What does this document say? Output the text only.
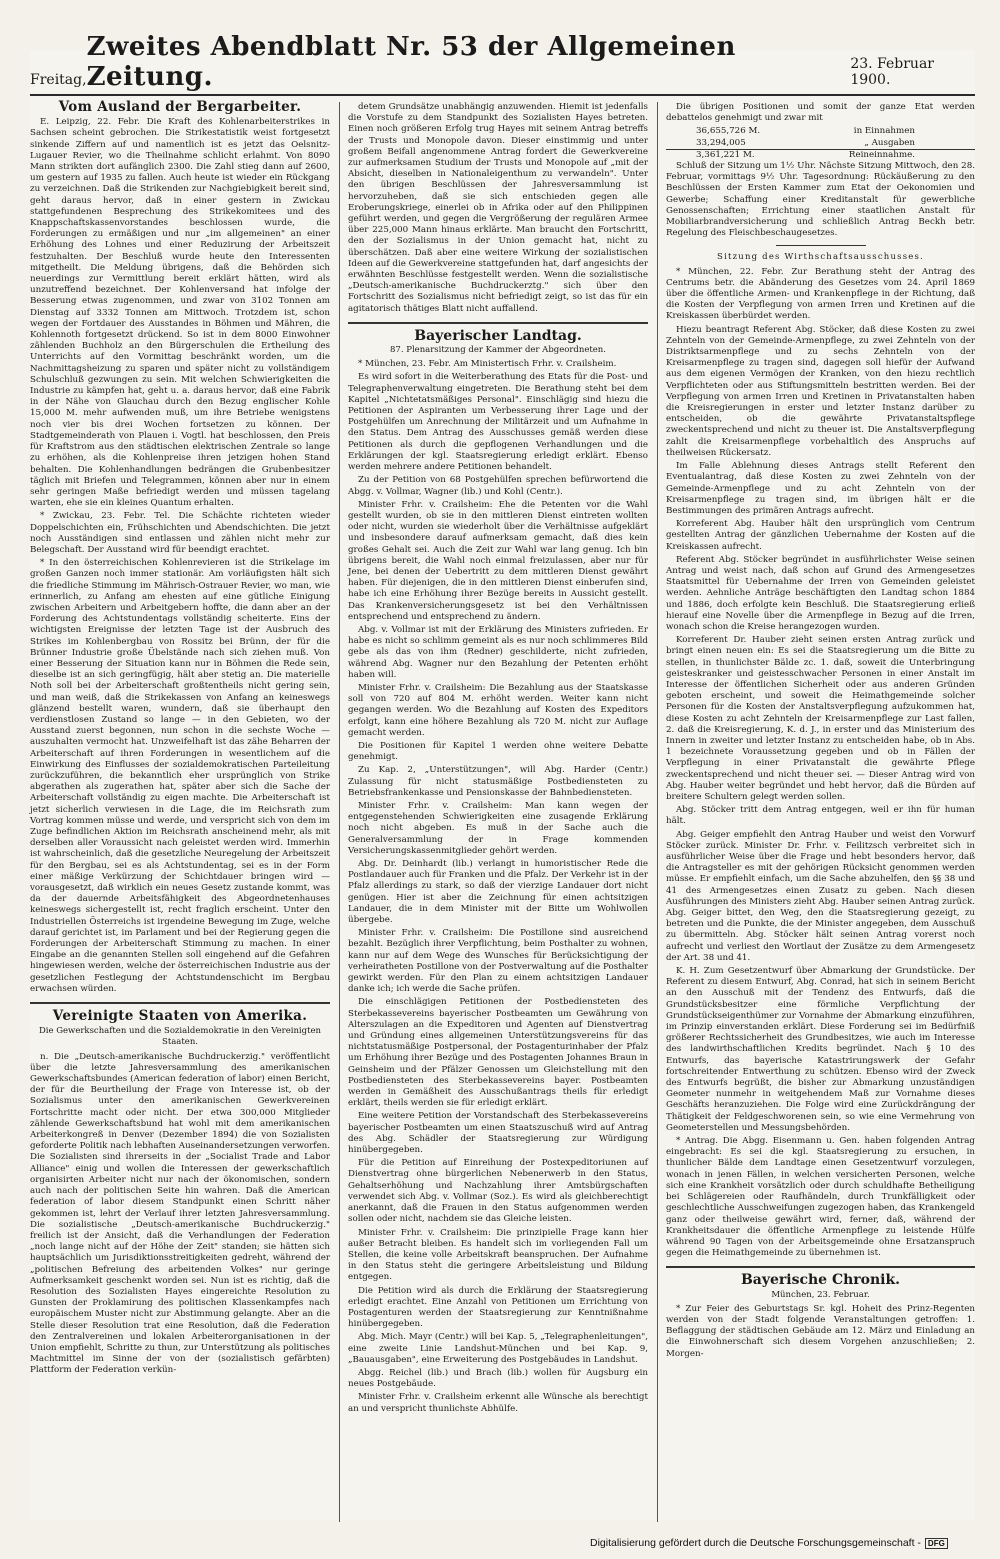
Freitag,
Zweites Abendblatt Nr. 53 der Allgemeinen Zeitung.	23. Februar 1900.
Vom Ausland der Bergarbeiter.

E. Leipzig, 22. Febr. Die Kraft des Kohlenarbeiterstrikes in Sachsen scheint gebrochen. Die Strikestatistik weist fortgesetzt sinkende Ziffern auf und namentlich ist es jetzt das Oelsnitz-Lugauer Revier, wo die Theilnahme schlicht erlahmt. Von 8090 Mann strikten dort aufänglich 2300. Die Zahl stieg dann auf 2600, um gestern auf 1935 zu fallen. Auch heute ist wieder ein Rückgang zu verzeichnen. Daß die Strikenden zur Nachgiebigkeit bereit sind, geht daraus hervor, daß in einer gestern in Zwickau stattgefundenen Besprechung des Strikekomitees und des Knappschaftskassenvorstandes beschlossen wurde, die Forderungen zu ermäßigen und nur „im allgemeinen" an einer Erhöhung des Lohnes und einer Reduzirung der Arbeitszeit festzuhalten. Der Beschluß wurde heute den Interessenten mitgetheilt. Die Meldung übrigens, daß die Behörden sich neuerdings zur Vermittlung bereit erklärt hätten, wird als unzutreffend bezeichnet. Der Kohlenversand hat infolge der Besserung etwas zugenommen, und zwar von 3102 Tonnen am Dienstag auf 3332 Tonnen am Mittwoch. Trotzdem ist, schon wegen der Fortdauer des Ausstandes in Böhmen und Mähren, die Kohlennoth fortgesetzt drückend. So ist in dem 8000 Einwohner zählenden Buchholz an den Bürgerschulen die Ertheilung des Unterrichts auf den Vormittag beschränkt worden, um die Nachmittagsheizung zu sparen und später nicht zu vollständigem Schulschluß gezwungen zu sein. Mit welchen Schwierigkeiten die Industrie zu kämpfen hat, geht u. a. daraus hervor, daß eine Fabrik in der Nähe von Glauchau durch den Bezug englischer Kohle 15,000 M. mehr aufwenden muß, um ihre Betriebe wenigstens noch vier bis drei Wochen fortsetzen zu können. Der Stadtgemeinderath von Plauen i. Vogtl. hat beschlossen, den Preis für Kraftstrom aus den städtischen elektrischen Zentrale so lange zu erhöhen, als die Kohlenpreise ihren jetzigen hohen Stand behalten. Die Kohlenhandlungen bedrängen die Grubenbesitzer täglich mit Briefen und Telegrammen, können aber nur in einem sehr geringen Maße befriedigt werden und müssen tagelang warten, ehe sie ein kleines Quantum erhalten.

* Zwickau, 23. Febr. Tel. Die Schächte richteten wieder Doppelschichten ein, Frühschichten und Abendschichten. Die jetzt noch Ausständigen sind entlassen und zählen nicht mehr zur Belegschaft. Der Ausstand wird für beendigt erachtet.

* In den österreichischen Kohlenrevieren ist die Strikelage im großen Ganzen noch immer stationär. Am vorläufigsten hält sich die friedliche Stimmung im Mährisch-Ostrauer Revier, wo man, wie erinnerlich, zu Anfang am ehesten auf eine gütliche Einigung zwischen Arbeitern und Arbeitgebern hoffte, die dann aber an der Forderung des Achtstundentags vollständig scheiterte. Eins der wichtigsten Ereignisse der letzten Tage ist der Ausbruch des Strikes im Kohlenbergbau von Rossitz bei Brünn, der für die Brünner Industrie große Übelstände nach sich ziehen muß. Von einer Besserung der Situation kann nur in Böhmen die Rede sein, dieselbe ist an sich geringfügig, hält aber stetig an. Die materielle Noth soll bei der Arbeiterschaft großtentheils nicht gering sein, und man weiß, daß die Strikekassen von Anfang an keineswegs glänzend bestellt waren, wundern, daß sie überhaupt den verdienstlosen Zustand so lange — in den Gebieten, wo der Ausstand zuerst begonnen, nun schon in die sechste Woche — auszuhalten vermocht hat. Unzweifelhaft ist das zähe Beharren der Arbeiterschaft auf ihren Forderungen in wesentlichem auf die Einwirkung des Einflusses der sozialdemokratischen Parteileitung zurückzuführen, die bekanntlich eher ursprünglich von Strike abgerathen als zugerathen hat, später aber sich die Sache der Arbeiterschaft vollständig zu eigen machte. Die Arbeiterschaft ist jetzt sicherlich verwiesen in die Lage, die im Reichsrath zum Vortrag kommen müsse und werde, und verspricht sich von dem im Zuge befindlichen Aktion im Reichsrath anscheinend mehr, als mit derselben aller Voraussicht nach geleistet werden wird. Immerhin ist wahrscheinlich, daß die gesetzliche Neuregelung der Arbeitszeit für den Bergbau, sei es als Achtstundentag, sei es in der Form einer mäßige Verkürzung der Schichtdauer bringen wird — vorausgesetzt, daß wirklich ein neues Gesetz zustande kommt, was da der dauernde Arbeitsfähigkeit des Abgeordnetenhauses keineswegs sichergestellt ist, recht fraglich erscheint. Unter den Industriellen Österreichs ist irgendeine Bewegung im Zuge, welche darauf gerichtet ist, im Parlament und bei der Regierung gegen die Forderungen der Arbeiterschaft Stimmung zu machen. In einer Eingabe an die genannten Stellen soll eingehend auf die Gefahren hingewiesen werden, welche der österreichischen Industrie aus der gesetzlichen Festlegung der Achtstundenschicht im Bergbau erwachsen würden.

Vereinigte Staaten von Amerika.
Die Gewerkschaften und die Sozialdemokratie in den Vereinigten Staaten.

n. Die „Deutsch-amerikanische Buchdruckerzig." veröffentlicht über die letzte Jahresversammlung des amerikanischen Gewerkschaftsbundes (American federation of labor) einen Bericht, der für die Beurtheilung der Frage von Interesse ist, ob der Sozialismus unter den amerikanischen Gewerkvereinen Fortschritte macht oder nicht. Der etwa 300,000 Mitglieder zählende Gewerkschaftsbund hat wohl mit dem amerikanischen Arbeiterkongreß in Denver (Dezember 1894) die von Sozialisten geforderte Politik nach lebhaften Auseinandersetzungen verworfen. Die Sozialisten sind ihrerseits in der „Socialist Trade and Labor Alliance" einig und wollen die Interessen der gewerkschaftlich organisirten Arbeiter nicht nur nach der ökonomischen, sondern auch nach der politischen Seite hin wahren. Daß die American federation of labor diesem Standpunkt einen Schritt näher gekommen ist, lehrt der Verlauf ihrer letzten Jahresversammlung. Die sozialistische „Deutsch-amerikanische Buchdruckerzig." freilich ist der Ansicht, daß die Verhandlungen der Federation „noch lange nicht auf der Höhe der Zeit" standen; sie hätten sich hauptsächlich um Jurisdiktionsstreitigkeiten gedreht, während der „politischen Befreiung des arbeitenden Volkes" nur geringe Aufmerksamkeit geschenkt worden sei. Nun ist es richtig, daß die Resolution des Sozialisten Hayes eingereichte Resolution zu Gunsten der Proklamirung des politischen Klassenkampfes nach europäischem Muster nicht zur Abstimmung gelangte. Aber an die Stelle dieser Resolution trat eine Resolution, daß die Federation den Zentralvereinen und lokalen Arbeiterorganisationen in der Union empfiehlt, Schritte zu thun, zur Unterstützung als politisches Machtmittel im Sinne der von der (sozialistisch gefärbten) Plattform der Federation verkün-

detem Grundsätze unabhängig anzuwenden. Hiemit ist jedenfalls die Vorstufe zu dem Standpunkt des Sozialisten Hayes betreten. Einen noch größeren Erfolg trug Hayes mit seinem Antrag betreffs der Trusts und Monopole davon. Dieser einstimmig und unter großem Beifall angenommene Antrag fordert die Gewerkvereine zur aufmerksamen Studium der Trusts und Monopole auf „mit der Absicht, dieselben in Nationaleigenthum zu verwandeln". Unter den übrigen Beschlüssen der Jahresversammlung ist hervorzuheben, daß sie sich entschieden gegen alle Eroberungskriege, einerlei ob in Afrika oder auf den Philippinen geführt werden, und gegen die Vergrößerung der regulären Armee über 225,000 Mann hinaus erklärte. Man braucht den Fortschritt, den der Sozialismus in der Union gemacht hat, nicht zu überschätzen. Daß aber eine weitere Wirkung der sozialistischen Ideen auf die Gewerkvereine stattgefunden hat, darf angesichts der erwähnten Beschlüsse festgestellt werden. Wenn die sozialistische „Deutsch-amerikanische Buchdruckerztg." sich über den Fortschritt des Sozialismus nicht befriedigt zeigt, so ist das für ein agitatorisch thätiges Blatt nicht auffallend.

Bayerischer Landtag.
87. Plenarsitzung der Kammer der Abgeordneten.

* München, 23. Febr. Am Ministertisch Frhr. v. Crailsheim.

Es wird sofort in die Weiterberathung des Etats für die Post- und Telegraphenverwaltung eingetreten. Die Berathung steht bei dem Kapitel „Nichtetatsmäßiges Personal". Einschlägig sind hiezu die Petitionen der Aspiranten um Verbesserung ihrer Lage und der Postgehülfen um Anrechnung der Militärzeit und um Aufnahme in den Status. Dem Antrag des Ausschusses gemäß werden diese Petitionen als durch die gepflogenen Verhandlungen und die Erklärungen der kgl. Staatsregierung erledigt erklärt. Ebenso werden mehrere andere Petitionen behandelt.

Zu der Petition von 68 Postgehülfen sprechen befürwortend die Abgg. v. Vollmar, Wagner (lib.) und Kohl (Centr.).

Minister Frhr. v. Crailsheim: Ehe die Petenten vor die Wahl gestellt wurden, ob sie in den mittleren Dienst eintreten wollten oder nicht, wurden sie wiederholt über die Verhältnisse aufgeklärt und insbesondere darauf aufmerksam gemacht, daß dies kein großes Gehalt sei. Auch die Zeit zur Wahl war lang genug. Ich bin übrigens bereit, die Wahl noch einmal freizulassen, aber nur für Jene, bei denen der Uebertritt zu dem mittleren Dienst gewährt haben. Für diejenigen, die in den mittleren Dienst einberufen sind, habe ich eine Erhöhung ihrer Bezüge bereits in Aussicht gestellt. Das Krankenversicherungsgesetz ist bei den Verhältnissen entsprechend und entsprechend zu ändern.

Abg. v. Vollmar ist mit der Erklärung des Ministers zufrieden. Er habe es nicht so schlimm gemeint als es nur noch schlimmeres Bild gebe als das von ihm (Redner) geschilderte, nicht zufrieden, während Abg. Wagner nur den Bezahlung der Petenten erhöht haben will.

Minister Frhr. v. Crailsheim: Die Bezahlung aus der Staatskasse soll von 720 auf 804 M. erhöht werden. Weiter kann nicht gegangen werden. Wo die Bezahlung auf Kosten des Expeditors erfolgt, kann eine höhere Bezahlung als 720 M. nicht zur Auflage gemacht werden.

Die Positionen für Kapitel 1 werden ohne weitere Debatte genehmigt.

Zu Kap. 2, „Unterstützungen", will Abg. Harder (Centr.) Zulassung für nicht statusmäßige Postbediensteten zu Betriebsfrankenkasse und Pensionskasse der Bahnbediensteten.

Minister Frhr. v. Crailsheim: Man kann wegen der entgegenstehenden Schwierigkeiten eine zusagende Erklärung noch nicht abgeben. Es muß in der Sache auch die Generalversammlung der in Frage kommenden Versicherungskassenmitglieder gehört werden.

Abg. Dr. Deinhardt (lib.) verlangt in humoristischer Rede die Postlandauer auch für Franken und die Pfalz. Der Verkehr ist in der Pfalz allerdings zu stark, so daß der vierzige Landauer dort nicht genügen. Hier ist aber die Zeichnung für einen achtsitzigen Landauer, die in dem Minister mit der Bitte um Wohlwollen übergebe.

Minister Frhr. v. Crailsheim: Die Postillone sind ausreichend bezahlt. Bezüglich ihrer Verpflichtung, beim Posthalter zu wohnen, kann nur auf dem Wege des Wunsches für Berücksichtigung der verheiratheten Postillone von der Postverwaltung auf die Posthalter gewirkt werden. Für den Plan zu einem achtsitzigen Landauer danke ich; ich werde die Sache prüfen.

Die einschlägigen Petitionen der Postbediensteten des Sterbekassevereins bayerischer Postbeamten um Gewährung von Alterszulagen an die Expeditoren und Agenten auf Dienstvertrag und Gründung eines allgemeinen Unterstützungsvereins für das nichtstatusmäßige Postpersonal, der Postagenturinhaber der Pfalz um Erhöhung ihrer Bezüge und des Postagenten Johannes Braun in Geinsheim und der Pfälzer Genossen um Gleichstellung mit den Postbediensteten des Sterbekassevereins bayer. Postbeamten werden in Gemäßheit des Ausschußantrags theils für erledigt erklärt, theils werden sie für erledigt erklärt.

Eine weitere Petition der Vorstandschaft des Sterbekassevereins bayerischer Postbeamten um einen Staatszuschuß wird auf Antrag des Abg. Schädler der Staatsregierung zur Würdigung hinübergegeben.

Für die Petition auf Einreihung der Postexpeditoriunen auf Dienstvertrag ohne bürgerlichen Nebenerwerb in den Status, Gehaltserhöhung und Nachzahlung ihrer Amtsbürgschaften verwendet sich Abg. v. Vollmar (Soz.). Es wird als gleichberechtigt anerkannt, daß die Frauen in den Status aufgenommen werden sollen oder nicht, nachdem sie das Gleiche leisten.

Minister Frhr. v. Crailsheim: Die prinzipielle Frage kann hier außer Betracht bleiben. Es handelt sich im vorliegenden Fall um Stellen, die keine volle Arbeitskraft beanspruchen. Der Aufnahme in den Status steht die geringere Arbeitsleistung und Bildung entgegen.

Die Petition wird als durch die Erklärung der Staatsregierung erledigt erachtet. Eine Anzahl von Petitionen um Errichtung von Postagenturen werden der Staatsregierung zur Kenntnißnahme hinübergegeben.

Abg. Mich. Mayr (Centr.) will bei Kap. 5, „Telegraphenleitungen", eine zweite Linie Landshut-München und bei Kap. 9, „Bauausgaben", eine Erweiterung des Postgebäudes in Landshut.

Abgg. Reichel (lib.) und Brach (lib.) wollen für Augsburg ein neues Postgebäude.

Minister Frhr. v. Crailsheim erkennt alle Wünsche als berechtigt an und verspricht thunlichste Abhülfe.

Die übrigen Positionen und somit der ganze Etat werden debattelos genehmigt und zwar mit

36,655,726 M.	in Einnahmen
33,294,005	„ Ausgaben
3,361,221 M.	Reineinnahme.

Schluß der Sitzung um 1½ Uhr. Nächste Sitzung Mittwoch, den 28. Februar, vormittags 9½ Uhr. Tagesordnung: Rückäußerung zu den Beschlüssen der Ersten Kammer zum Etat der Oekonomien und Gewerbe; Schaffung einer Kreditanstalt für gewerbliche Genossenschaften; Errichtung einer staatlichen Anstalt für Mobiliarbrandversicherung und schließlich Antrag Beckh betr. Regelung des Fleischbeschaugesetzes.

Sitzung des Wirthschaftsausschusses.

* München, 22. Febr. Zur Berathung steht der Antrag des Centrums betr. die Abänderung des Gesetzes vom 24. April 1869 über die öffentliche Armen- und Krankenpflege in der Richtung, daß die Kosten der Verpflegung von armen Irren und Kretinen auf die Kreiskassen überbürdet werden.

Hiezu beantragt Referent Abg. Stöcker, daß diese Kosten zu zwei Zehnteln von der Gemeinde-Armenpflege, zu zwei Zehnteln von der Distriktsarmenpflege und zu sechs Zehnteln von der Kreisarmenpflege zu tragen sind, dagegen soll hiefür der Aufwand aus dem eigenen Vermögen der Kranken, von den hiezu rechtlich Verpflichteten oder aus Stiftungsmitteln bestritten werden. Bei der Verpflegung von armen Irren und Kretinen in Privatanstalten haben die Kreisregierungen in erster und letzter Instanz darüber zu entscheiden, ob die gewährte Privatanstaltspflege zweckentsprechend und nicht zu theuer ist. Die Anstaltsverpflegung zahlt die Kreisarmenpflege vorbehaltlich des Anspruchs auf theilweisen Rückersatz.

Im Falle Ablehnung dieses Antrags stellt Referent den Eventualantrag, daß diese Kosten zu zwei Zehnteln von der Gemeinde-Armenpflege und zu acht Zehnteln von der Kreisarmenpflege zu tragen sind, im übrigen hält er die Bestimmungen des primären Antrags aufrecht.

Korreferent Abg. Hauber hält den ursprünglich vom Centrum gestellten Antrag der gänzlichen Uebernahme der Kosten auf die Kreiskassen aufrecht.

Referent Abg. Stöcker begründet in ausführlichster Weise seinen Antrag und weist nach, daß schon auf Grund des Armengesetzes Staatsmittel für Uebernahme der Irren von Gemeinden geleistet werden. Aehnliche Anträge beschäftigten den Landtag schon 1884 und 1886, doch erfolgte kein Beschluß. Die Staatsregierung erließ hierauf eine Novelle über die Armenpflege in Bezug auf die Irren, wonach schon die Kreise herangezogen wurden.

Korreferent Dr. Hauber zieht seinen ersten Antrag zurück und bringt einen neuen ein: Es sei die Staatsregierung um die Bitte zu stellen, in thunlichster Bälde zc. 1. daß, soweit die Unterbringung geisteskranker und geistesschwacher Personen in einer Anstalt im Interesse der öffentlichen Sicherheit oder aus anderen Gründen geboten erscheint, und soweit die Heimathgemeinde solcher Personen für die Kosten der Anstaltsverpflegung aufzukommen hat, diese Kosten zu acht Zehnteln der Kreisarmenpflege zur Last fallen, 2. daß die Kreisregierung, K. d. J., in erster und das Ministerium des Innern in zweiter und letzter Instanz zu entscheiden habe, ob in Abs. 1 bezeichnete Voraussetzung gegeben und ob in Fällen der Verpflegung in einer Privatanstalt die gewährte Pflege zweckentsprechend und nicht theuer sei. — Dieser Antrag wird von Abg. Hauber weiter begründet und hebt hervor, daß die Bürden auf breitere Schultern gelegt werden sollen.

Abg. Stöcker tritt dem Antrag entgegen, weil er ihn für human hält.

Abg. Geiger empfiehlt den Antrag Hauber und weist den Vorwurf Stöcker zurück. Minister Dr. Frhr. v. Feilitzsch verbreitet sich in ausführlicher Weise über die Frage und hebt besonders hervor, daß die Antragsteller es mit der gehörigen Rücksicht genommen werden müsse. Er empfiehlt einfach, um die Sache abzuhelfen, den §§ 38 und 41 des Armengesetzes einen Zusatz zu geben. Nach diesen Ausführungen des Ministers zieht Abg. Hauber seinen Antrag zurück. Abg. Geiger bittet, den Weg, den die Staatsregierung gezeigt, zu betreten und die Punkte, die der Minister angegeben, dem Ausschuß zu übermitteln. Abg. Stöcker hält seinen Antrag vorerst noch aufrecht und verliest den Wortlaut der Zusätze zu dem Armengesetz der Art. 38 und 41.

K. H. Zum Gesetzentwurf über Abmarkung der Grundstücke. Der Referent zu diesem Entwurf, Abg. Conrad, hat sich in seinem Bericht an den Ausschuß mit der Tendenz des Entwurfs, daß die Grundstücksbesitzer eine förmliche Verpflichtung der Grundstückseigenthümer zur Vornahme der Abmarkung einzuführen, im Prinzip einverstanden erklärt. Diese Forderung sei im Bedürfniß größerer Rechtssicherheit des Grundbesitzes, wie auch im Interesse des landwirthschaftlichen Kredits begründet. Nach § 10 des Entwurfs, das bayerische Katastrirungswerk der Gefahr fortschreitender Entwerthung zu schützen. Ebenso wird der Zweck des Entwurfs begrüßt, die bisher zur Abmarkung unzuständigen Geometer nunmehr in weitgehendem Maß zur Vornahme dieses Geschäfts heranzuziehen. Die Folge wird eine Zurückdrängung der Thätigkeit der Feldgeschworenen sein, so wie eine Vermehrung von Geometerstellen und Messungsbehörden.

* Antrag. Die Abgg. Eisenmann u. Gen. haben folgenden Antrag eingebracht: Es sei die kgl. Staatsregierung zu ersuchen, in thunlicher Bälde dem Landtage einen Gesetzentwurf vorzulegen, wonach in jenen Fällen, in welchen versicherten Personen, welche sich eine Krankheit vorsätzlich oder durch schuldhafte Betheiligung bei Schlägereien oder Raufhändeln, durch Trunkfälligkeit oder geschlechtliche Ausschweifungen zugezogen haben, das Krankengeld ganz oder theilweise gewährt wird, ferner, daß, während der Krankheitsdauer die öffentliche Armenpflege zu leistende Hülfe während 90 Tagen von der Arbeitsgemeinde ohne Ersatzanspruch gegen die Heimathgemeinde zu übernehmen ist.

Bayerische Chronik.
München, 23. Februar.

* Zur Feier des Geburtstags Sr. kgl. Hoheit des Prinz-Regenten werden von der Stadt folgende Veranstaltungen getroffen: 1. Beflaggung der städtischen Gebäude am 12. März und Einladung an die Einwohnerschaft sich diesem Vorgehen anzuschließen; 2. Morgen-

Digitalisierung gefördert durch die Deutsche Forschungsgemeinschaft - DFG
